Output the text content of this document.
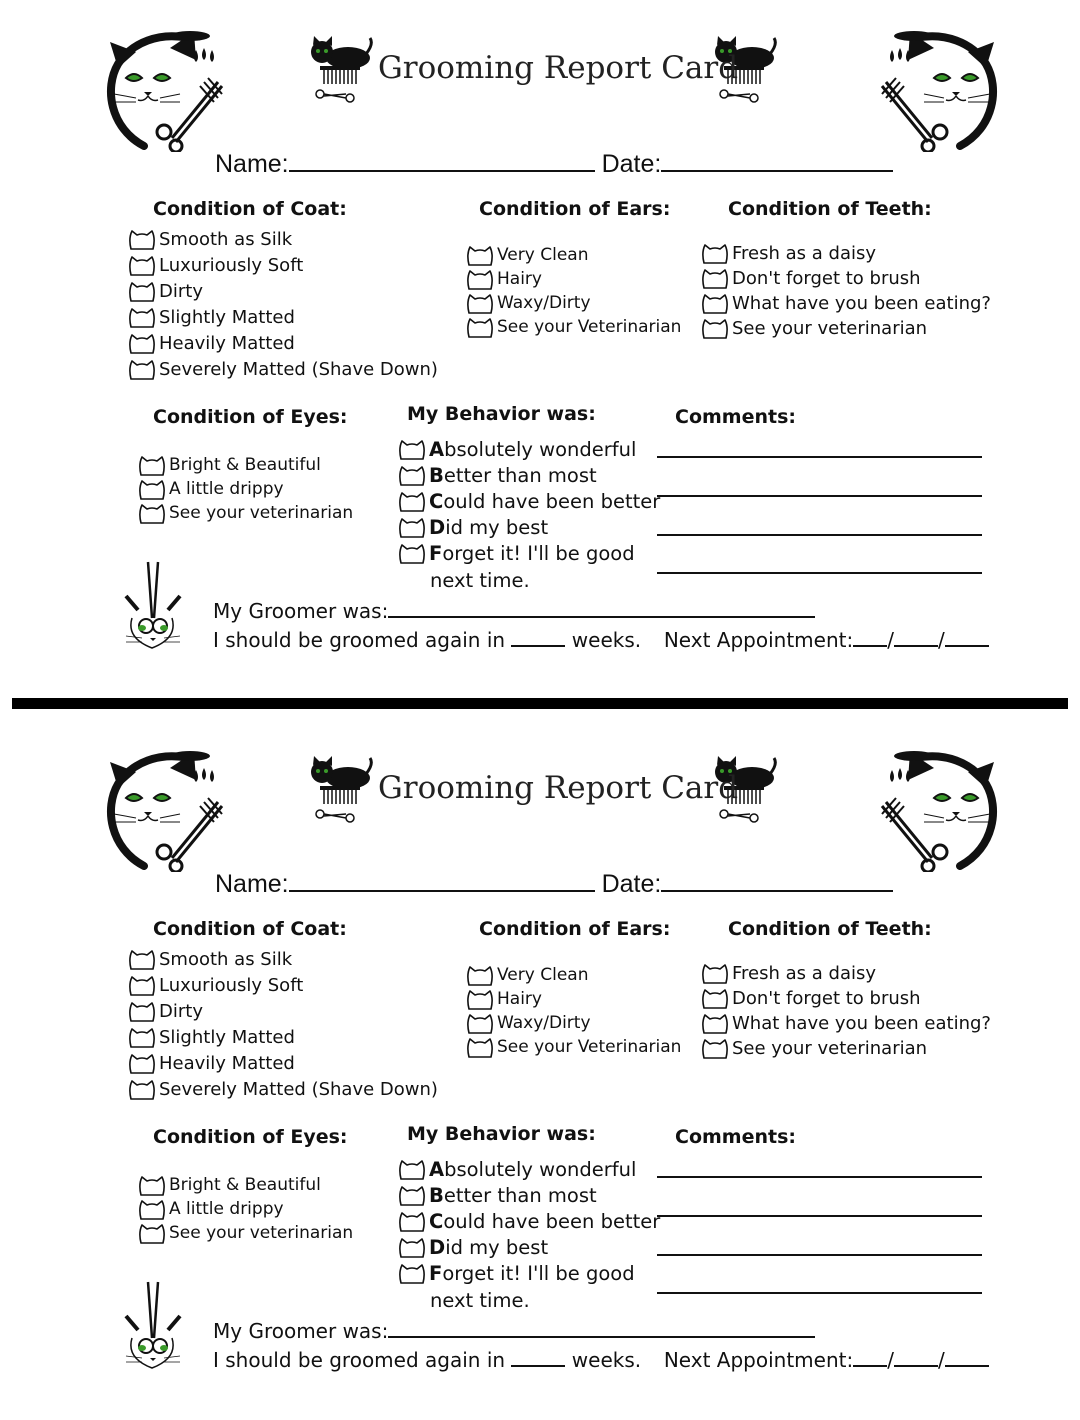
Grooming Report Card
Name:	Date:
Condition of Coat:	Condition of Ears:	Condition of Teeth:
Smooth as Silk
Luxuriously Soft
Dirty
Slightly Matted
Heavily Matted
Severely Matted (Shave Down)
Very Clean
Hairy
Waxy/Dirty
See your Veterinarian
Fresh as a daisy
Don't forget to brush
What have you been eating?
See your veterinarian
Condition of Eyes:	My Behavior was:	Comments:
Bright & Beautiful
A little drippy
See your veterinarian
Absolutely wonderful
Better than most
Could have been better
Did my best
Forget it! I'll be good
next time.
My Groomer was:
I should be groomed again in	weeks. Next Appointment: / /
Grooming Report Card
Name:	Date:
Condition of Coat:	Condition of Ears:	Condition of Teeth:
Smooth as Silk
Luxuriously Soft
Dirty
Slightly Matted
Heavily Matted
Severely Matted (Shave Down)
Very Clean
Hairy
Waxy/Dirty
See your Veterinarian
Fresh as a daisy
Don't forget to brush
What have you been eating?
See your veterinarian
Condition of Eyes:	My Behavior was:	Comments:
Bright & Beautiful
A little drippy
See your veterinarian
Absolutely wonderful
Better than most
Could have been better
Did my best
Forget it! I'll be good
next time.
My Groomer was:
I should be groomed again in	weeks. Next Appointment: / /
